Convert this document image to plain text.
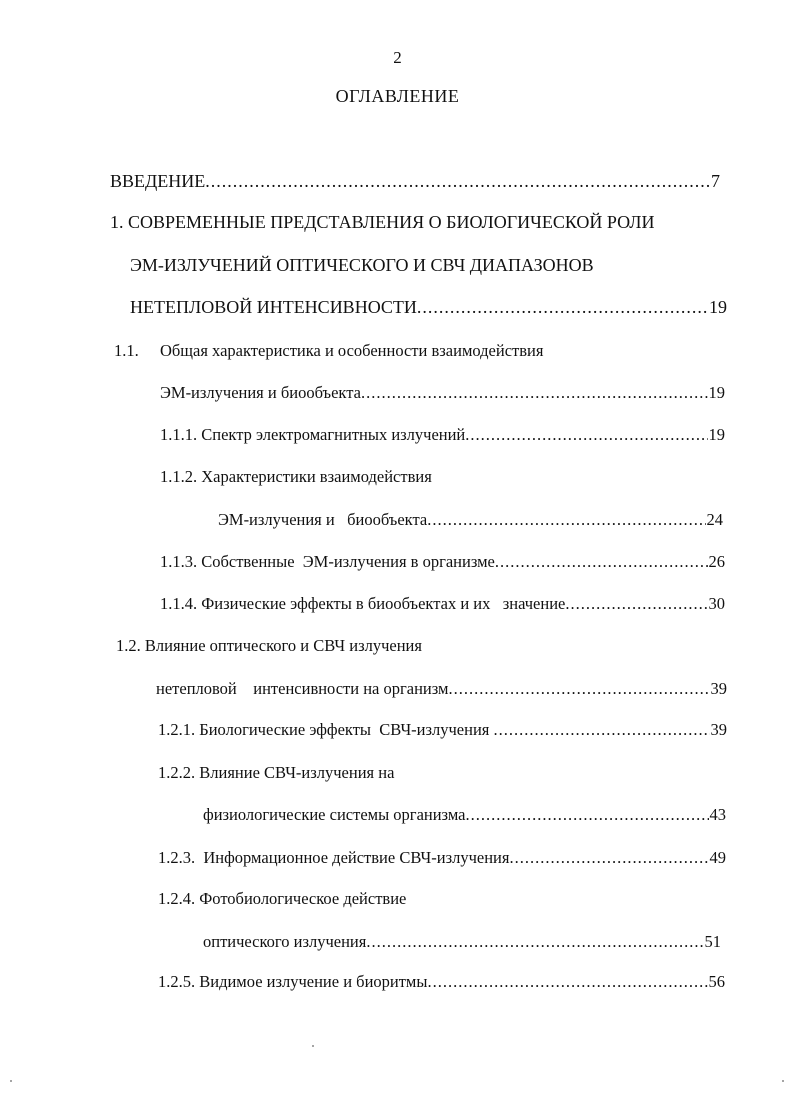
2
ОГЛАВЛЕНИЕ
ВВЕДЕНИЕ .....	7
1. СОВРЕМЕННЫЕ ПРЕДСТАВЛЕНИЯ О БИОЛОГИЧЕСКОЙ РОЛИ
ЭМ-ИЗЛУЧЕНИЙ ОПТИЧЕСКОГО И СВЧ ДИАПАЗОНОВ
НЕТЕПЛОВОЙ ИНТЕНСИВНОСТИ .....	19
1.1. Общая характеристика и особенности взаимодействия
ЭМ-излучения и биообъекта .....	19
1.1.1. Спектр электромагнитных излучений .....	19
1.1.2. Характеристики взаимодействия
ЭМ-излучения и   биообъекта .....	24
1.1.3. Собственные  ЭМ-излучения в организме .....	26
1.1.4. Физические эффекты в биообъектах и их   значение .....	30
1.2. Влияние оптического и СВЧ излучения
нетепловой    интенсивности на организм .....	39
1.2.1. Биологические эффекты  СВЧ-излучения .....	39
1.2.2. Влияние СВЧ-излучения на
физиологические системы организма .....	43
1.2.3.  Информационное действие СВЧ-излучения .....	49
1.2.4. Фотобиологическое действие
оптического излучения .....	51
1.2.5. Видимое излучение и биоритмы .....	56
